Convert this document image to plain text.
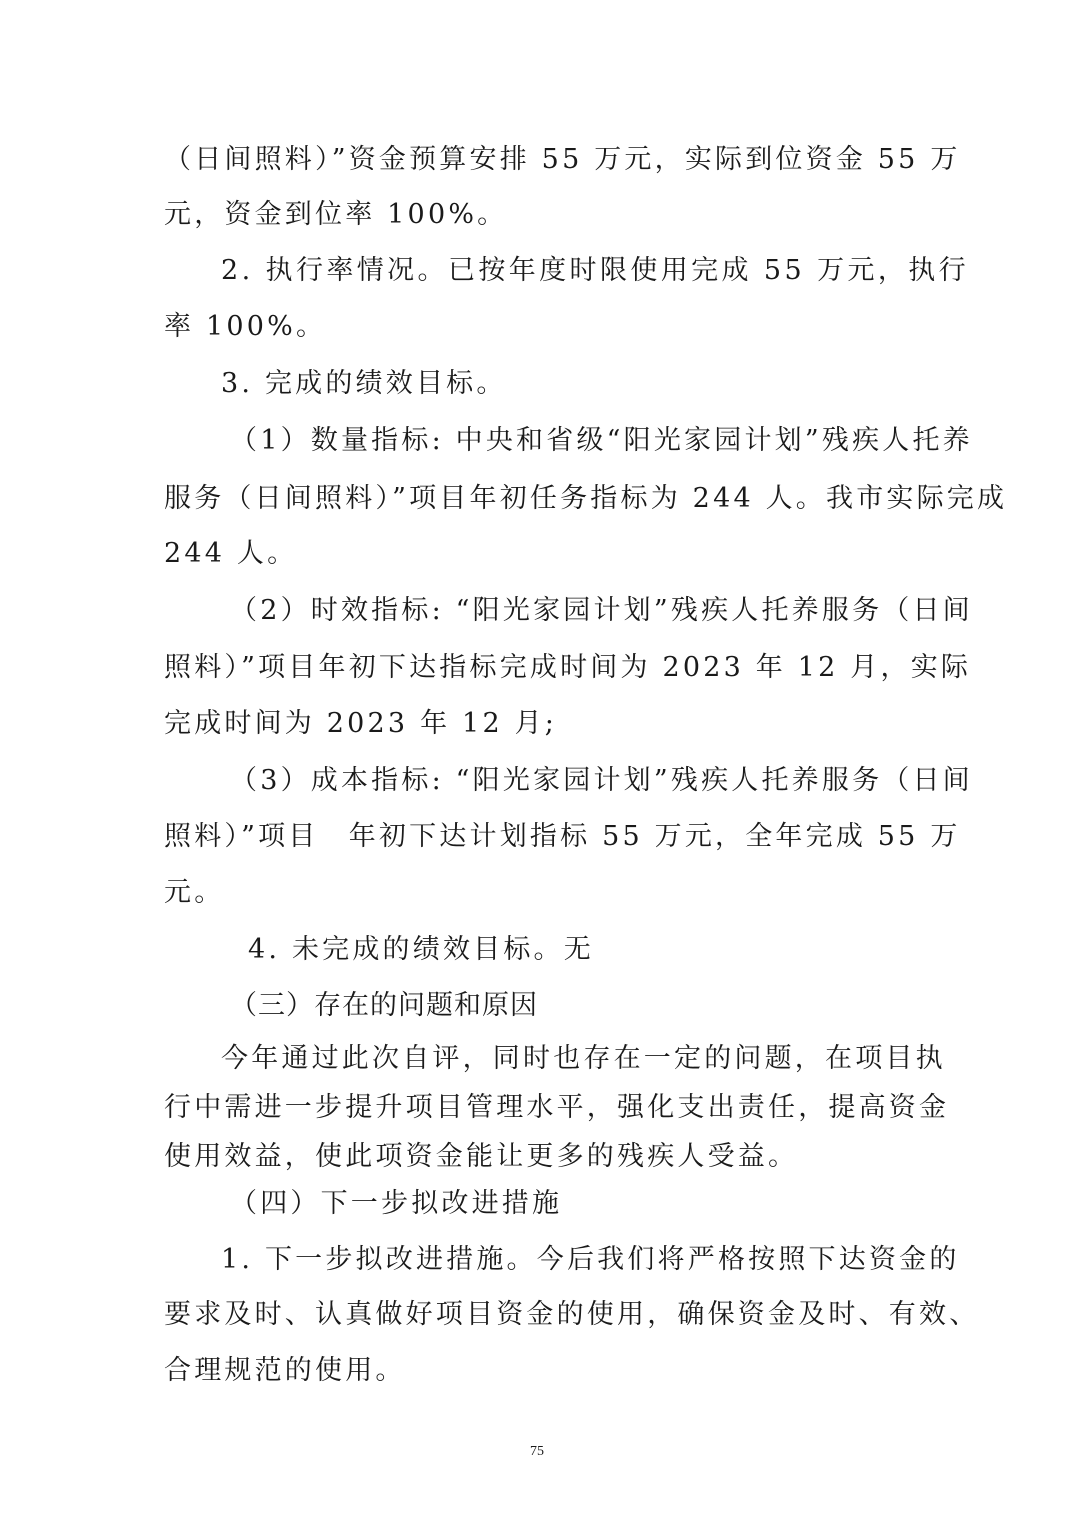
（日间照料）”资金预算安排 55 万元，实际到位资金 55 万
元，资金到位率 100%。
2. 执行率情况。已按年度时限使用完成 55 万元，执行
率 100%。
3. 完成的绩效目标。
（1）数量指标: 中央和省级“阳光家园计划”残疾人托养
服务（日间照料）”项目年初任务指标为 244 人。我市实际完成
244 人。
（2）时效指标: “阳光家园计划”残疾人托养服务（日间
照料）”项目年初下达指标完成时间为 2023 年 12 月，实际
完成时间为 2023 年 12 月;
（3）成本指标: “阳光家园计划”残疾人托养服务（日间
照料）”项目　年初下达计划指标 55 万元，全年完成 55 万
元。
4. 未完成的绩效目标。无
（三）存在的问题和原因
今年通过此次自评，同时也存在一定的问题，在项目执
行中需进一步提升项目管理水平，强化支出责任，提高资金
使用效益，使此项资金能让更多的残疾人受益。
（四）下一步拟改进措施
1. 下一步拟改进措施。今后我们将严格按照下达资金的
要求及时、认真做好项目资金的使用，确保资金及时、有效、
合理规范的使用。
75
